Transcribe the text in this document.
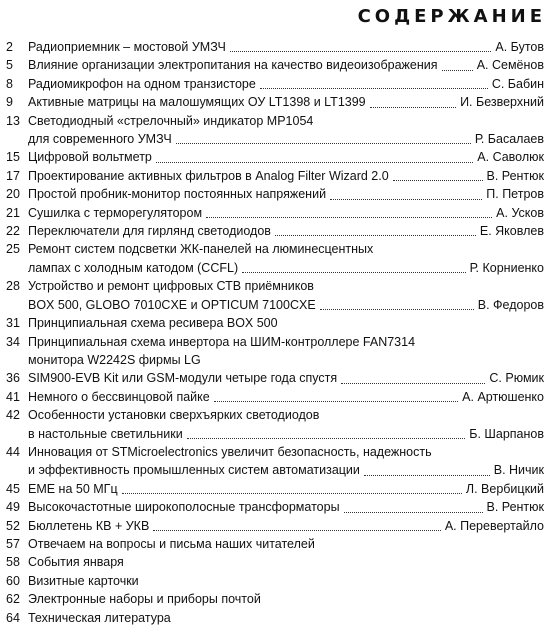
СОДЕРЖАНИЕ
2	Радиоприемник – мостовой УМЗЧ	А. Бутов
5	Влияние организации электропитания на качество видеоизображения	А. Семёнов
8	Радиомикрофон на одном транзисторе	С. Бабин
9	Активные матрицы на малошумящих ОУ LT1398 и LT1399	И. Безверхний
13 Светодиодный «стрелочный» индикатор МР1054
для современного УМЗЧ	Р. Басалаев
15 Цифровой вольтметр	А. Саволюк
17 Проектирование активных фильтров в Analog Filter Wizard 2.0	В. Рентюк
20 Простой пробник-монитор постоянных напряжений	П. Петров
21 Сушилка с терморегулятором	А. Усков
22 Переключатели для гирлянд светодиодов	Е. Яковлев
25 Ремонт систем подсветки ЖК-панелей на люминесцентных
лампах с холодным катодом (CCFL)	Р. Корниенко
28 Устройство и ремонт цифровых СТВ приёмников
BOX 500, GLOBO 7010CXE и OPTICUM 7100CXE	В. Федоров
31 Принципиальная схема ресивера BOX 500
34 Принципиальная схема инвертора на ШИМ-контроллере FAN7314
монитора W2242S фирмы LG
36 SIM900-EVB Kit или GSM-модули четыре года спустя	С. Рюмик
41 Немного о бессвинцовой пайке	А. Артюшенко
42 Особенности установки сверхъярких светодиодов
в настольные светильники	Б. Шарпанов
44 Инновация от STMicroelectronics увеличит безопасность, надежность
и эффективность промышленных систем автоматизации	В. Ничик
45 ЕМЕ на 50 МГц	Л. Вербицкий
49 Высокочастотные широкополосные трансформаторы	В. Рентюк
52 Бюллетень КВ + УКВ	А. Перевертайло
57 Отвечаем на вопросы и письма наших читателей
58 События января
60 Визитные карточки
62 Электронные наборы и приборы почтой
64 Техническая литература
